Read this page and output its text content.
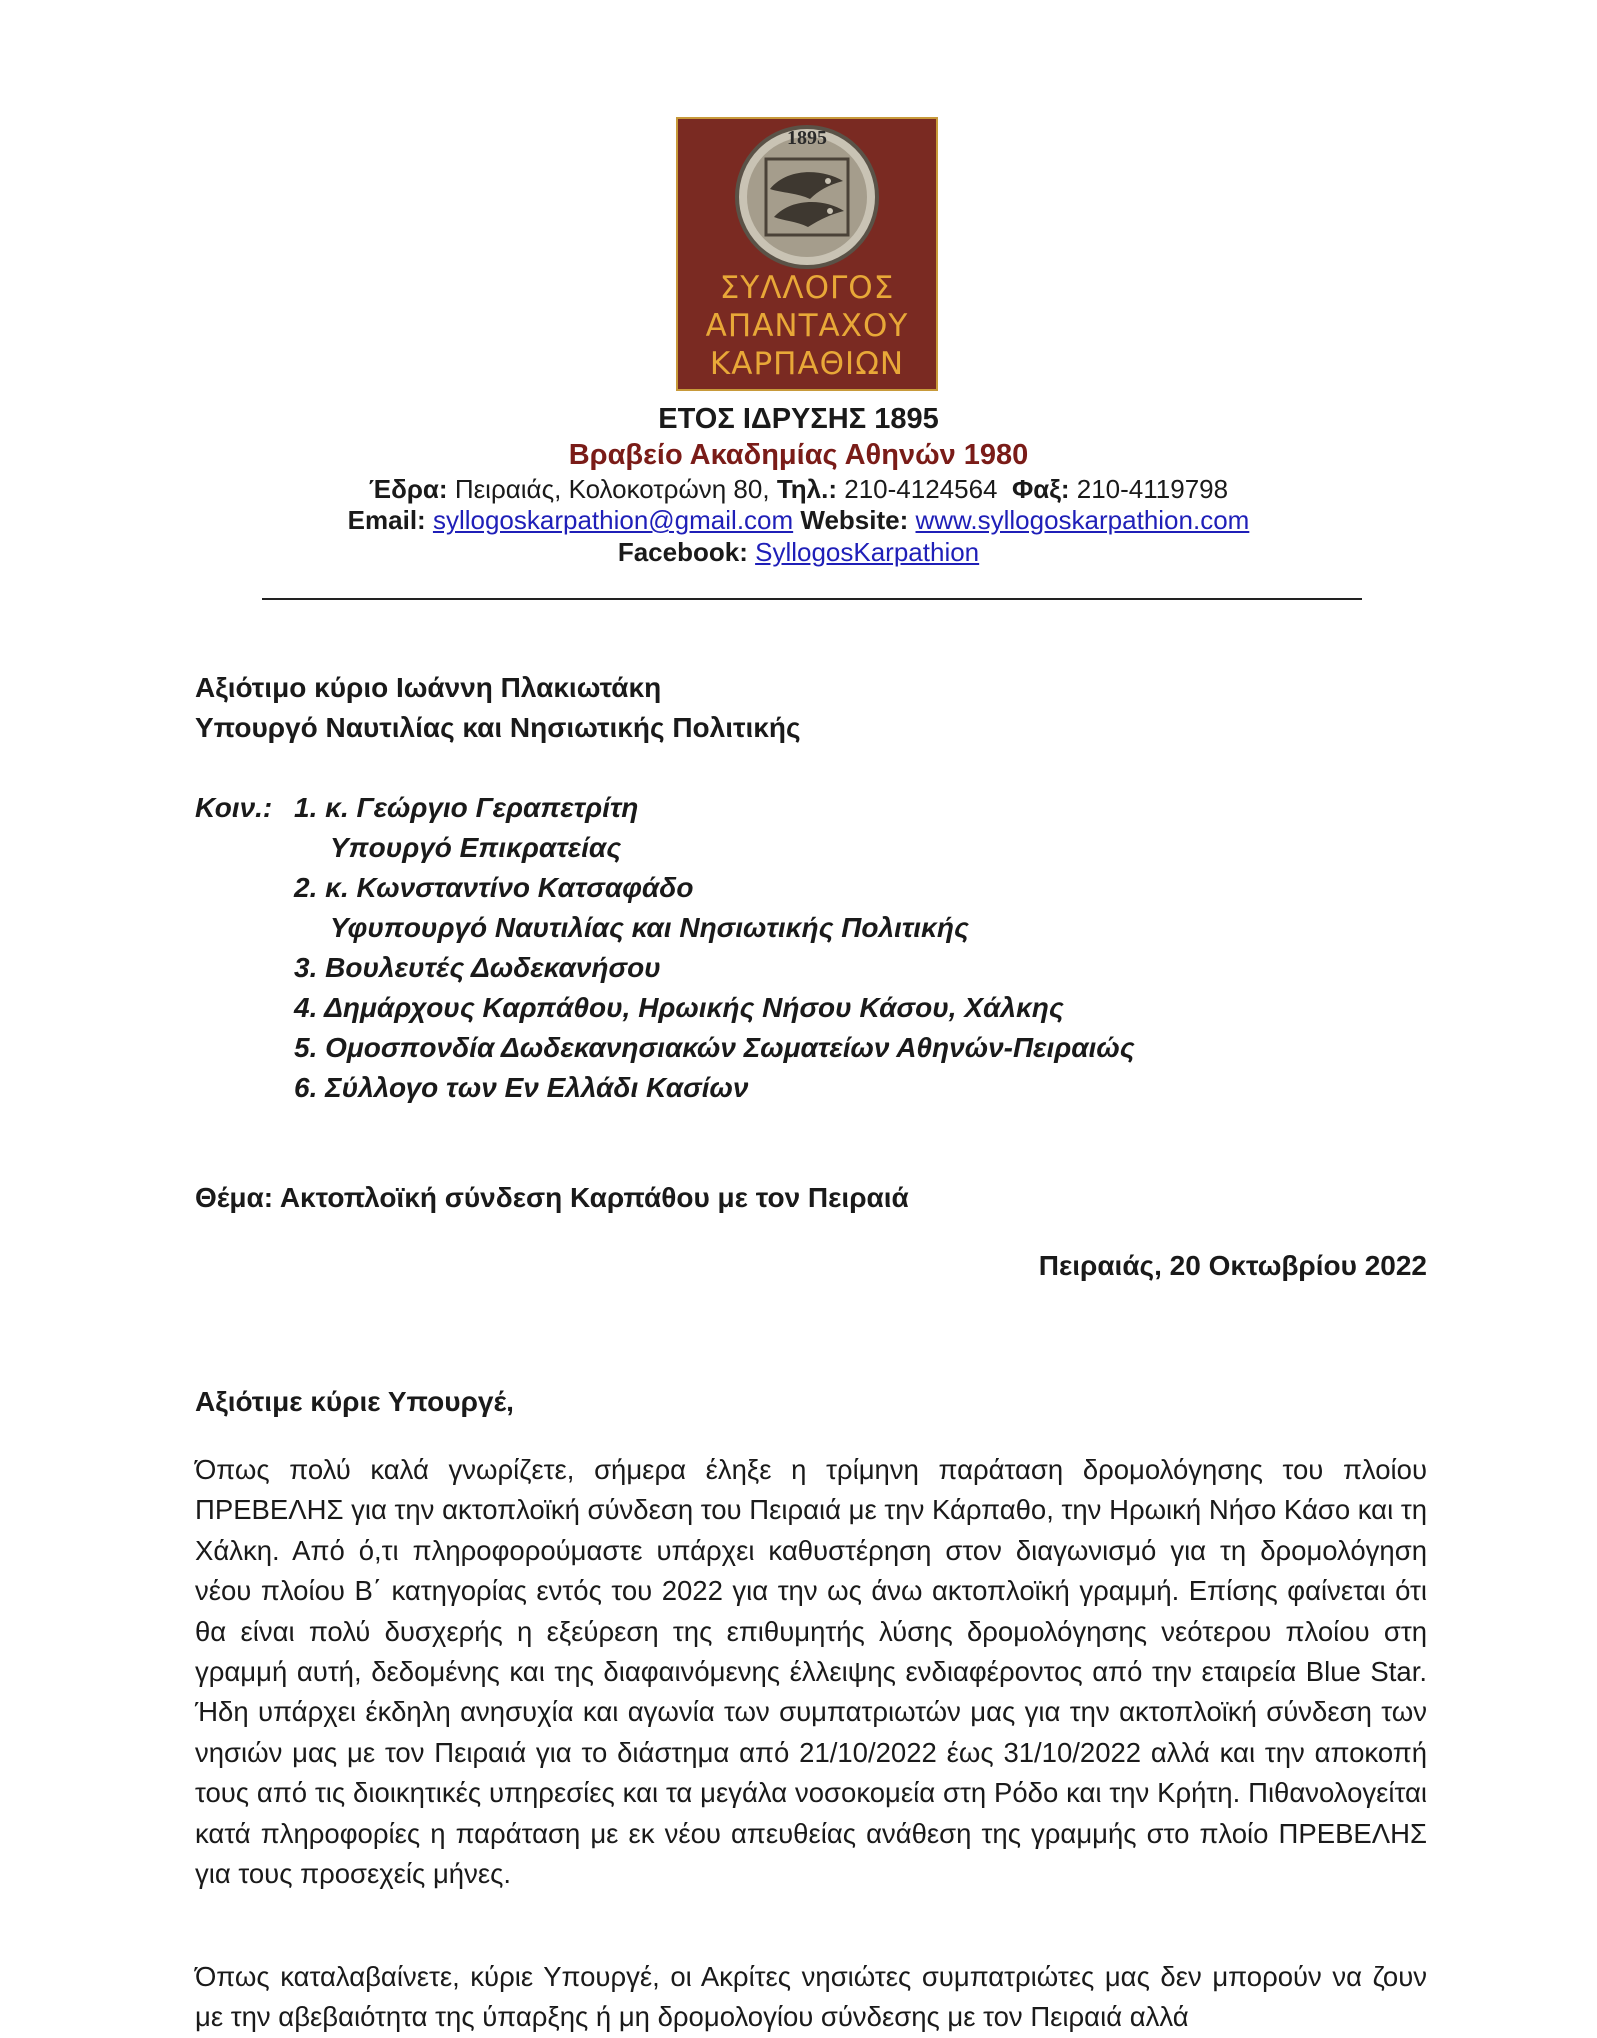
1895
ΣΥΛΛΟΓΟΣ
ΑΠΑΝΤΑΧΟΥ
ΚΑΡΠΑΘΙΩΝ
ΕΤΟΣ ΙΔΡΥΣΗΣ 1895
Βραβείο Ακαδημίας Αθηνών 1980
Έδρα: Πειραιάς, Κολοκοτρώνη 80, Τηλ.: 210-4124564 Φαξ: 210-4119798
Email: syllogoskarpathion@gmail.com Website: www.syllogoskarpathion.com
Facebook: SyllogosKarpathion
Αξιότιμο κύριο Ιωάννη Πλακιωτάκη
Υπουργό Ναυτιλίας και Νησιωτικής Πολιτικής
Κοιν.: 1. κ. Γεώργιο Γεραπετρίτη
Υπουργό Επικρατείας
2. κ. Κωνσταντίνο Κατσαφάδο
Υφυπουργό Ναυτιλίας και Νησιωτικής Πολιτικής
3. Βουλευτές Δωδεκανήσου
4. Δημάρχους Καρπάθου, Ηρωικής Νήσου Κάσου, Χάλκης
5. Ομοσπονδία Δωδεκανησιακών Σωματείων Αθηνών-Πειραιώς
6. Σύλλογο των Εν Ελλάδι Κασίων
Θέμα: Ακτοπλοϊκή σύνδεση Καρπάθου με τον Πειραιά
Πειραιάς, 20 Οκτωβρίου 2022
Αξιότιμε κύριε Υπουργέ,
Όπως πολύ καλά γνωρίζετε, σήμερα έληξε η τρίμηνη παράταση δρομολόγησης του πλοίου ΠΡΕΒΕΛΗΣ για την ακτοπλοϊκή σύνδεση του Πειραιά με την Κάρπαθο, την Ηρωική Νήσο Κάσο και τη Χάλκη. Από ό,τι πληροφορούμαστε υπάρχει καθυστέρηση στον διαγωνισμό για τη δρομολόγηση νέου πλοίου Β΄ κατηγορίας εντός του 2022 για την ως άνω ακτοπλοϊκή γραμμή. Επίσης φαίνεται ότι θα είναι πολύ δυσχερής η εξεύρεση της επιθυμητής λύσης δρομολόγησης νεότερου πλοίου στη γραμμή αυτή, δεδομένης και της διαφαινόμενης έλλειψης ενδιαφέροντος από την εταιρεία Blue Star. Ήδη υπάρχει έκδηλη ανησυχία και αγωνία των συμπατριωτών μας για την ακτοπλοϊκή σύνδεση των νησιών μας με τον Πειραιά για το διάστημα από 21/10/2022 έως 31/10/2022 αλλά και την αποκοπή τους από τις διοικητικές υπηρεσίες και τα μεγάλα νοσοκομεία στη Ρόδο και την Κρήτη. Πιθανολογείται κατά πληροφορίες η παράταση με εκ νέου απευθείας ανάθεση της γραμμής στο πλοίο ΠΡΕΒΕΛΗΣ για τους προσεχείς μήνες.
Όπως καταλαβαίνετε, κύριε Υπουργέ, οι Ακρίτες νησιώτες συμπατριώτες μας δεν μπορούν να ζουν με την αβεβαιότητα της ύπαρξης ή μη δρομολογίου σύνδεσης με τον Πειραιά αλλά
